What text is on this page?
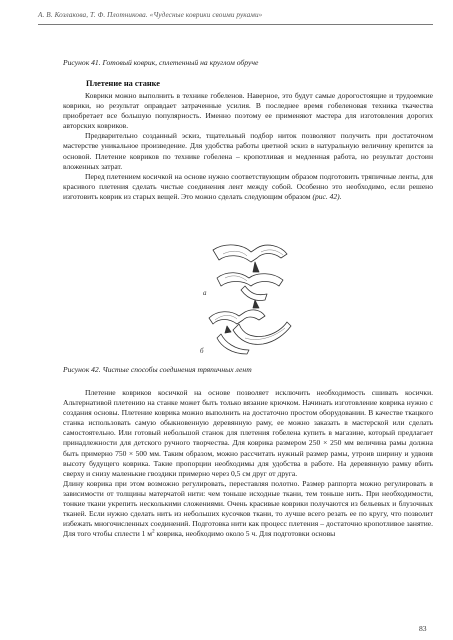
А. В. Козлакова, Т. Ф. Плотникова. «Чудесные коврики своими руками»
Рисунок 41. Готовый коврик, сплетенный на круглом обруче
Плетение на станке

Коврики можно выполнить в технике гобеленов. Наверное, это будут самые дорогостоящие и трудоемкие коврики, но результат оправдает затраченные усилия. В последнее время гобеленовая техника ткачества приобретает все большую популярность. Именно поэтому ее применяют мастера для изготовления дорогих авторских ковриков.

Предварительно созданный эскиз, тщательный подбор ниток позволяют получить при достаточном мастерстве уникальное произведение. Для удобства работы цветной эскиз в натуральную величину крепится за основой. Плетение ковриков по технике гобелена – кропотливая и медленная работа, но результат достоин вложенных затрат.

Перед плетением косичкой на основе нужно соответствующим образом подготовить тряпичные ленты, для красивого плетения сделать чистые соединения лент между собой. Особенно это необходимо, если решено изготовить коврик из старых вещей. Это можно сделать следующим образом (рис. 42).

а
б
Рисунок 42. Чистые способы соединения тряпичных лент

Плетение ковриков косичкой на основе позволяет исключить необходимость сшивать косички. Альтернативой плетению на станке может быть только вязание крючком. Начинать изготовление коврика нужно с создания основы. Плетение коврика можно выполнить на достаточно простом оборудовании. В качестве ткацкого станка использовать самую обыкновенную деревянную раму, ее можно заказать в мастерской или сделать самостоятельно. Или готовый небольшой станок для плетения гобелена купить в магазине, который предлагает принадлежности для детского ручного творчества. Для коврика размером 250 × 250 мм величина рамы должна быть примерно 750 × 500 мм. Таким образом, можно рассчитать нужный размер рамы, утроив ширину и удвоив высоту будущего коврика. Такие пропорции необходимы для удобства в работе. На деревянную рамку вбить сверху и снизу маленькие гвоздики примерно через 0,5 см друг от друга.

Длину коврика при этом возможно регулировать, переставляя полотно. Размер раппорта можно регулировать в зависимости от толщины матерчатой нити: чем тоньше исходные ткани, тем тоньше нить. При необходимости, тонкие ткани укрепить несколькими сложениями. Очень красивые коврики получаются из бельевых и блузочных тканей. Если нужно сделать нить из небольших кусочков ткани, то лучше всего резать ее по кругу, что позволит избежать многочисленных соединений. Подготовка нити как процесс плетения – достаточно кропотливое занятие. Для того чтобы сплести 1 $м^2$ коврика, необходимо около 5 ч. Для подготовки основы

83
